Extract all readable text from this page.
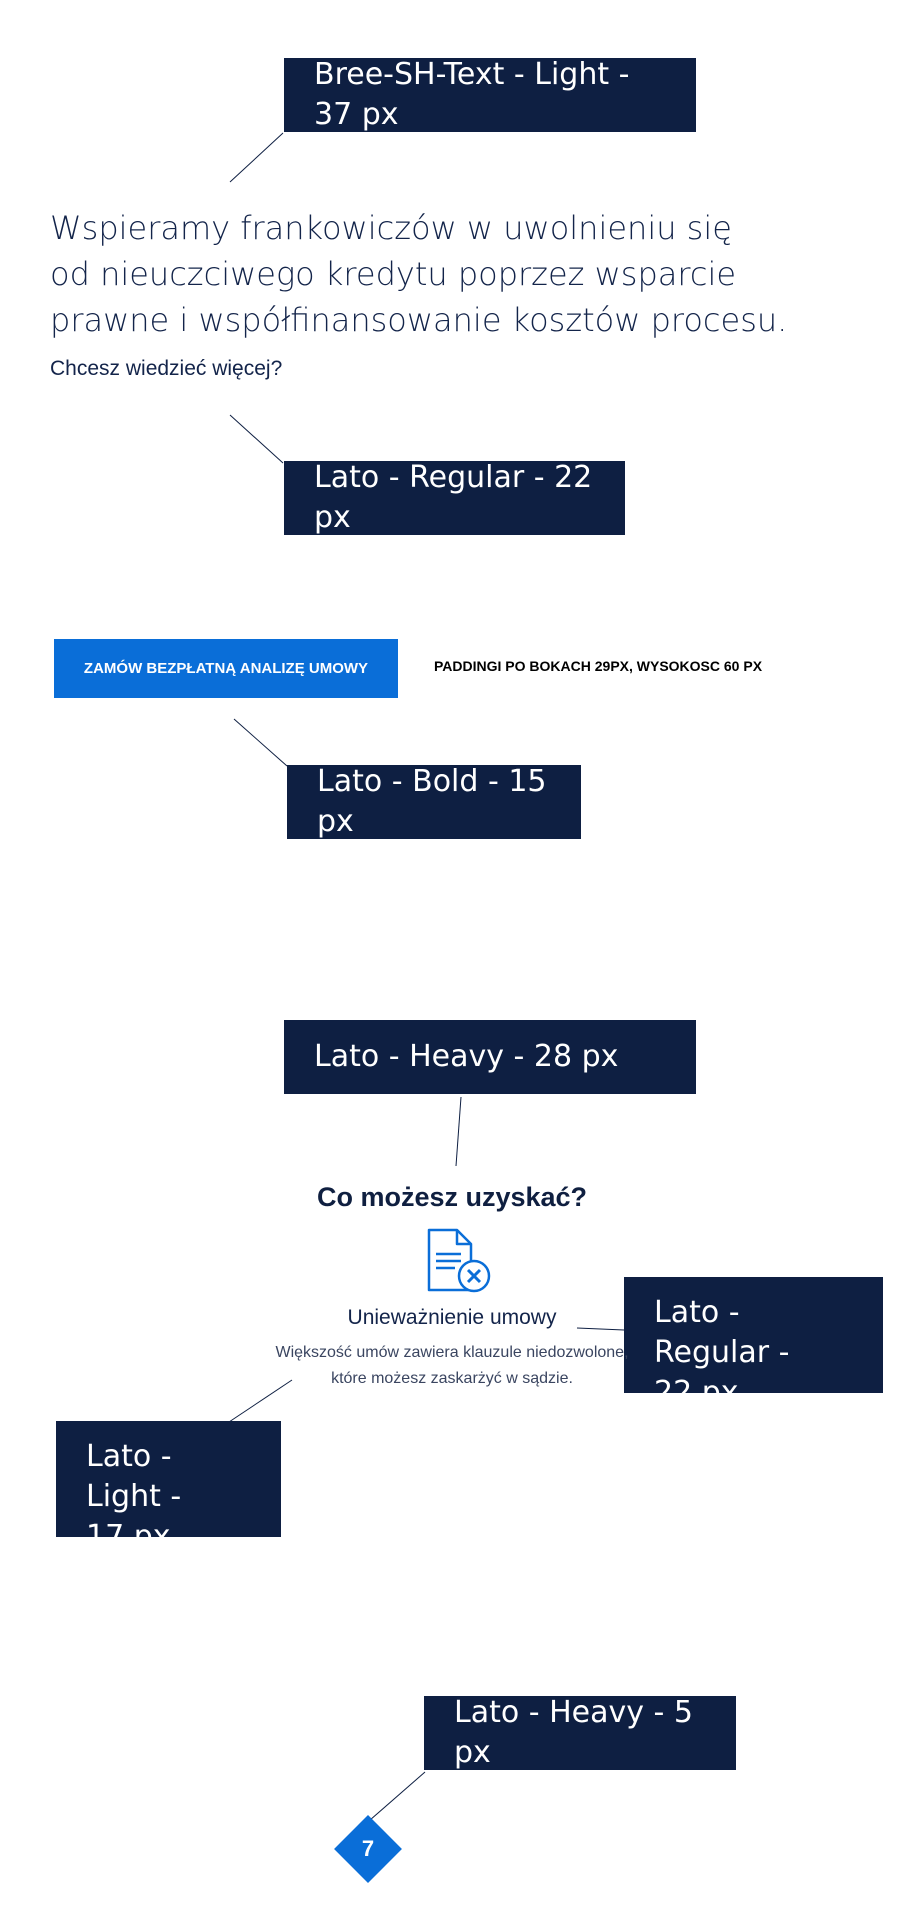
Bree-SH-Text - Light - 37 px
Lato - Regular - 22 px
Lato - Bold - 15 px
Lato - Heavy - 28 px
Lato - Regular -
22 px
Lato - Light -
17 px
Lato - Heavy - 5 px

Wspieramy frankowiczów w uwolnieniu się
od nieuczciwego kredytu poprzez wsparcie
prawne i współfinansowanie kosztów procesu.

Chcesz wiedzieć więcej?
ZAMÓW BEZPŁATNĄ ANALIZĘ UMOWY	PADDINGI PO BOKACH 29PX, WYSOKOSC 60 PX
Co możesz uzyskać?
Unieważnienie umowy
Większość umów zawiera klauzule niedozwolone,
które możesz zaskarżyć w sądzie.
7
